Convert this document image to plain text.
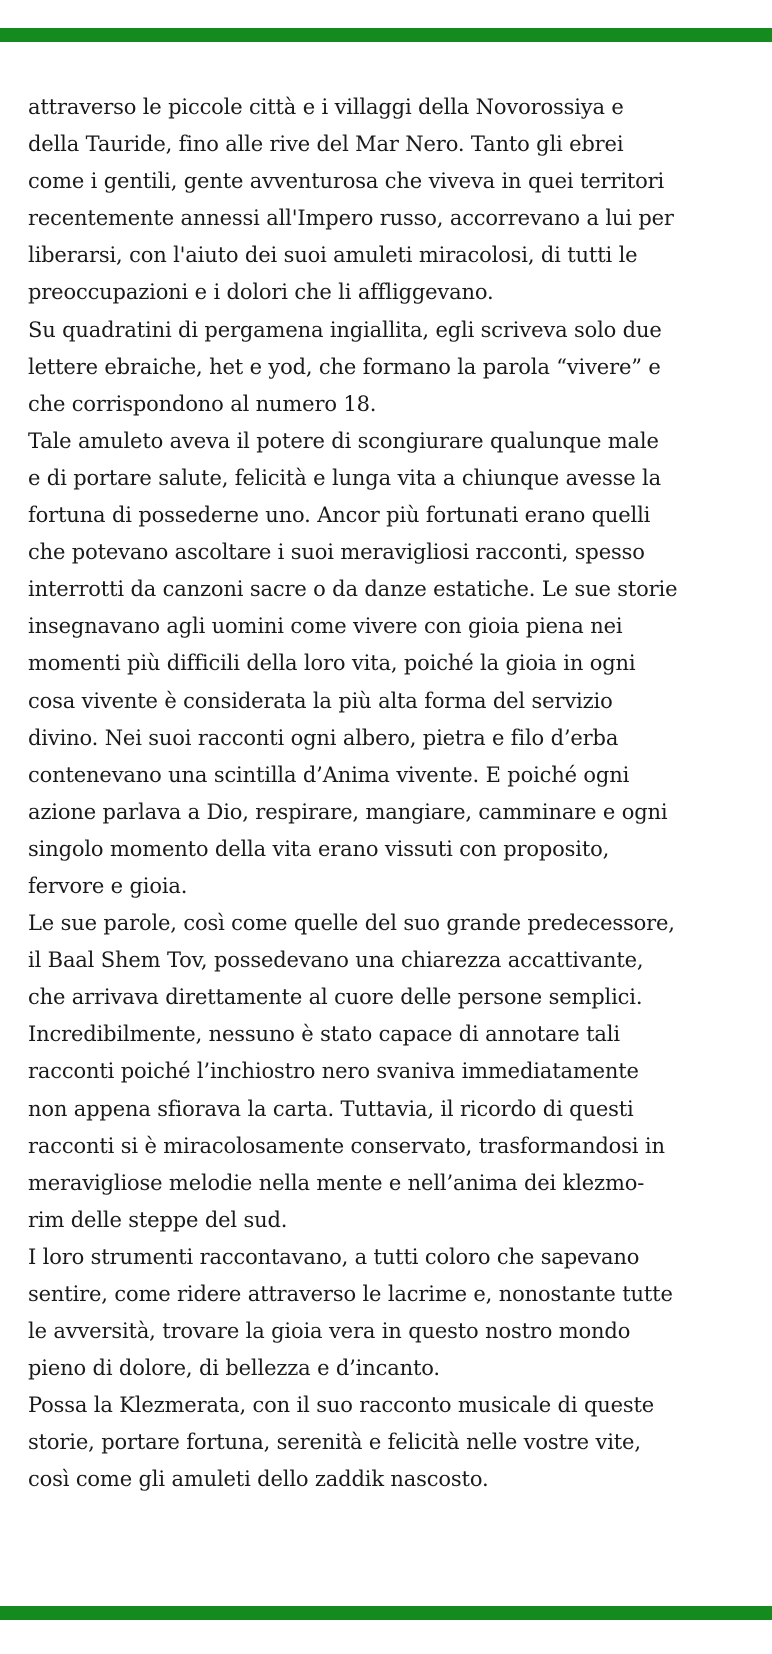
attraverso le piccole città e i villaggi della Novorossiya e
della Tauride, fino alle rive del Mar Nero. Tanto gli ebrei
come i gentili, gente avventurosa che viveva in quei territori
recentemente annessi all'Impero russo, accorrevano a lui per
liberarsi, con l'aiuto dei suoi amuleti miracolosi, di tutti le
preoccupazioni e i dolori che li affliggevano.
Su quadratini di pergamena ingiallita, egli scriveva solo due
lettere ebraiche, het e yod, che formano la parola “vivere” e
che corrispondono al numero 18.
Tale amuleto aveva il potere di scongiurare qualunque male
e di portare salute, felicità e lunga vita a chiunque avesse la
fortuna di possederne uno. Ancor più fortunati erano quelli
che potevano ascoltare i suoi meravigliosi racconti, spesso
interrotti da canzoni sacre o da danze estatiche. Le sue storie
insegnavano agli uomini come vivere con gioia piena nei
momenti più difficili della loro vita, poiché la gioia in ogni
cosa vivente è considerata la più alta forma del servizio
divino. Nei suoi racconti ogni albero, pietra e filo d’erba
contenevano una scintilla d’Anima vivente. E poiché ogni
azione parlava a Dio, respirare, mangiare, camminare e ogni
singolo momento della vita erano vissuti con proposito,
fervore e gioia.
Le sue parole, così come quelle del suo grande predecessore,
il Baal Shem Tov, possedevano una chiarezza accattivante,
che arrivava direttamente al cuore delle persone semplici.
Incredibilmente, nessuno è stato capace di annotare tali
racconti poiché l’inchiostro nero svaniva immediatamente
non appena sfiorava la carta. Tuttavia, il ricordo di questi
racconti si è miracolosamente conservato, trasformandosi in
meravigliose melodie nella mente e nell’anima dei klezmo-
rim delle steppe del sud.
I loro strumenti raccontavano, a tutti coloro che sapevano
sentire, come ridere attraverso le lacrime e, nonostante tutte
le avversità, trovare la gioia vera in questo nostro mondo
pieno di dolore, di bellezza e d’incanto.
Possa la Klezmerata, con il suo racconto musicale di queste
storie, portare fortuna, serenità e felicità nelle vostre vite,
così come gli amuleti dello zaddik nascosto.
